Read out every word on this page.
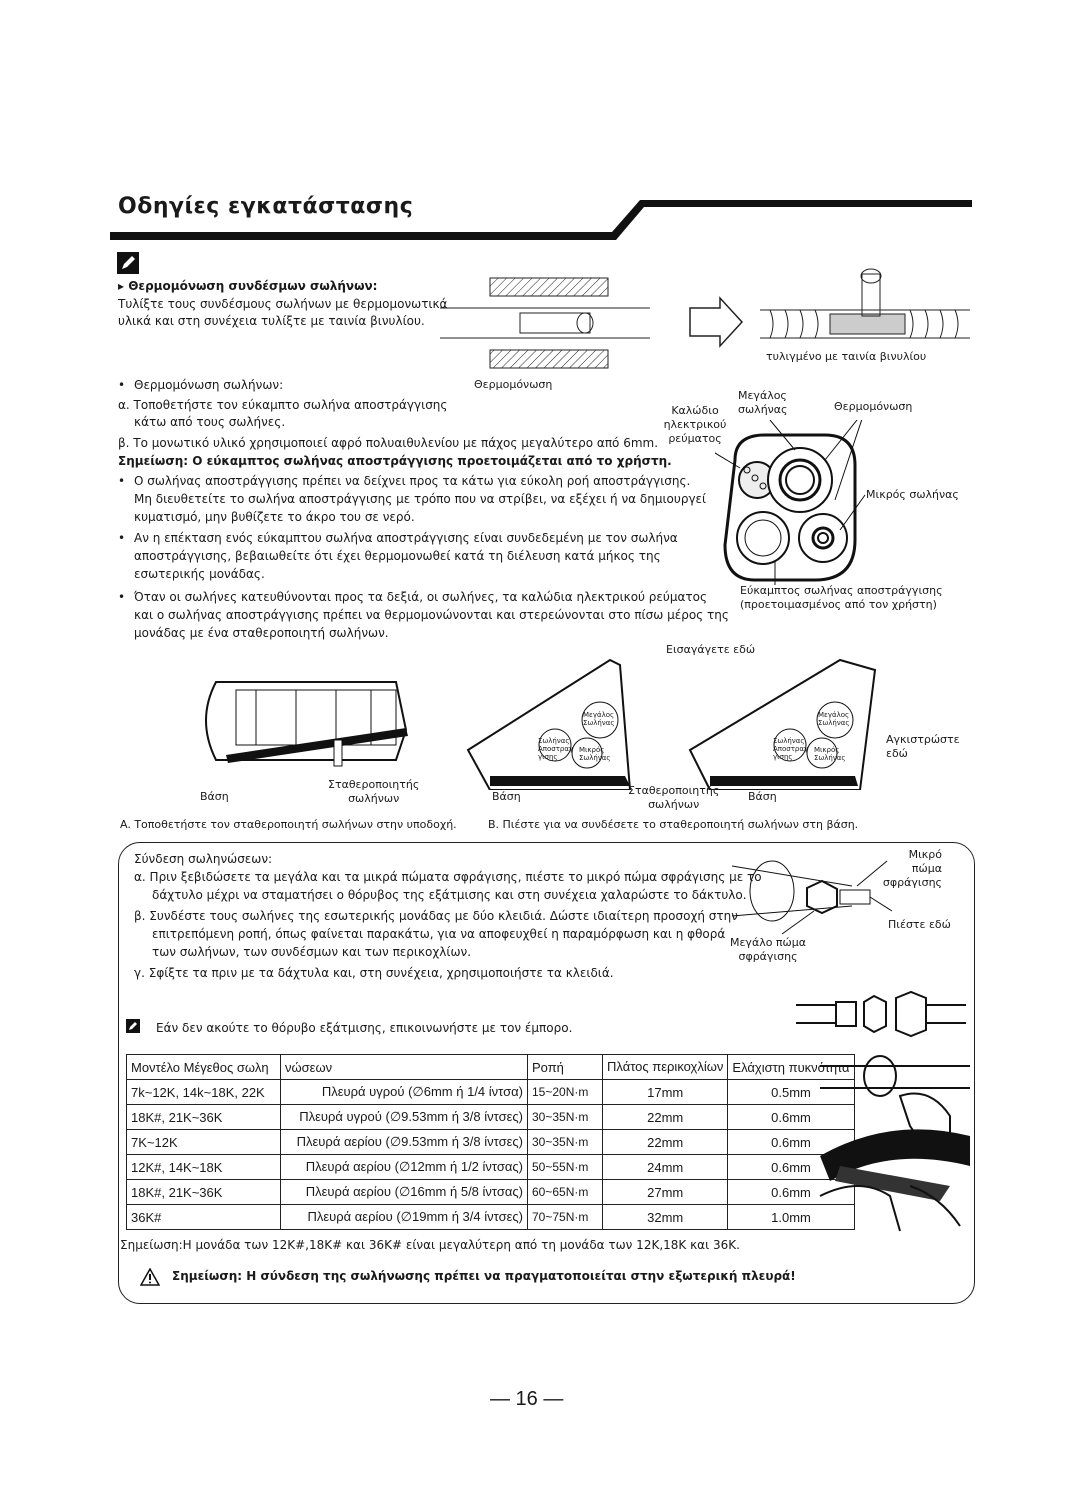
Οδηγίες εγκατάστασης
▸ Θερμομόνωση συνδέσμων σωλήνων:
Τυλίξτε τους συνδέσμους σωλήνων με θερμομονωτικά
υλικά και στη συνέχεια τυλίξτε με ταινία βινυλίου.
Θερμομόνωση
τυλιγμένο με ταινία βινυλίου
• Θερμομόνωση σωλήνων:
α. Τοποθετήστε τον εύκαμπτο σωλήνα αποστράγγισης
κάτω από τους σωλήνες.
β. Το μονωτικό υλικό χρησιμοποιεί αφρό πολυαιθυλενίου με πάχος μεγαλύτερο από 6mm.
Σημείωση: Ο εύκαμπτος σωλήνας αποστράγγισης προετοιμάζεται από το χρήστη.
• Ο σωλήνας αποστράγγισης πρέπει να δείχνει προς τα κάτω για εύκολη ροή αποστράγγισης.
Μη διευθετείτε το σωλήνα αποστράγγισης με τρόπο που να στρίβει, να εξέχει ή να δημιουργεί
κυματισμό, μην βυθίζετε το άκρο του σε νερό.
• Αν η επέκταση ενός εύκαμπτου σωλήνα αποστράγγισης είναι συνδεδεμένη με τον σωλήνα
αποστράγγισης, βεβαιωθείτε ότι έχει θερμομονωθεί κατά τη διέλευση κατά μήκος της
εσωτερικής μονάδας.
• Όταν οι σωλήνες κατευθύνονται προς τα δεξιά, οι σωλήνες, τα καλώδια ηλεκτρικού ρεύματος
και ο σωλήνας αποστράγγισης πρέπει να θερμομονώνονται και στερεώνονται στο πίσω μέρος της
μονάδας με ένα σταθεροποιητή σωλήνων.
Καλώδιο
ηλεκτρικού
ρεύματος
Μεγάλος
σωλήνας	Θερμομόνωση
Μικρός σωλήνας
Εύκαμπτος σωλήνας αποστράγγισης
(προετοιμασμένος από τον χρήστη)
Βάση
Σταθεροποιητής
σωλήνων
A. Τοποθετήστε τον σταθεροποιητή σωλήνων στην υποδοχή.
Εισαγάγετε εδώ
Μεγάλος
Σωλήνας
Σωλήνας
Αποστραγ
γισης
Μικρός
Σωλήνας
Μεγάλος
Σωλήνας
Σωλήνας
Αποστραγ
γισης
Μικρός
Σωλήνας
Αγκιστρώστε
εδώ
Βάση	Σταθεροποιητής
σωλήνων
Βάση
B. Πιέστε για να συνδέσετε το σταθεροποιητή σωλήνων στη βάση.
Σύνδεση σωληνώσεων:
α. Πριν ξεβιδώσετε τα μεγάλα και τα μικρά πώματα σφράγισης, πιέστε το μικρό πώμα σφράγισης με το
δάχτυλο μέχρι να σταματήσει ο θόρυβος της εξάτμισης και στη συνέχεια χαλαρώστε το δάκτυλο.
β. Συνδέστε τους σωλήνες της εσωτερικής μονάδας με δύο κλειδιά. Δώστε ιδιαίτερη προσοχή στην
επιτρεπόμενη ροπή, όπως φαίνεται παρακάτω, για να αποφευχθεί η παραμόρφωση και η φθορά
των σωλήνων, των συνδέσμων και των περικοχλίων.
γ. Σφίξτε τα πριν με τα δάχτυλα και, στη συνέχεια, χρησιμοποιήστε τα κλειδιά.
Μικρό πώμα
σφράγισης
Πιέστε εδώ
Μεγάλο πώμα
σφράγισης
Εάν δεν ακούτε το θόρυβο εξάτμισης, επικοινωνήστε με τον έμπορο.
Μοντέλο Μέγεθος σωλη	νώσεων	Ροπή	Πλάτος περικοχλίων	Ελάχιστη πυκνότητα
7k~12K, 14k~18K, 22K	Πλευρά υγρού (∅6mm ή 1/4 ίντσα)	15~20N·m	17mm	0.5mm
18K#, 21K~36K	Πλευρά υγρού (∅9.53mm ή 3/8 ίντσες)	30~35N·m	22mm	0.6mm
7K~12K	Πλευρά αερίου (∅9.53mm ή 3/8 ίντσες)	30~35N·m	22mm	0.6mm
12K#, 14K~18K	Πλευρά αερίου (∅12mm ή 1/2 ίντσας)	50~55N·m	24mm	0.6mm
18K#, 21K~36K	Πλευρά αερίου (∅16mm ή 5/8 ίντσας)	60~65N·m	27mm	0.6mm
36K#	Πλευρά αερίου (∅19mm ή 3/4 ίντσες)	70~75N·m	32mm	1.0mm
Σημείωση:Η μονάδα των 12K#,18K# και 36K# είναι μεγαλύτερη από τη μονάδα των 12K,18K και 36K.
Σημείωση: Η σύνδεση της σωλήνωσης πρέπει να πραγματοποιείται στην εξωτερική πλευρά!
— 16 —
